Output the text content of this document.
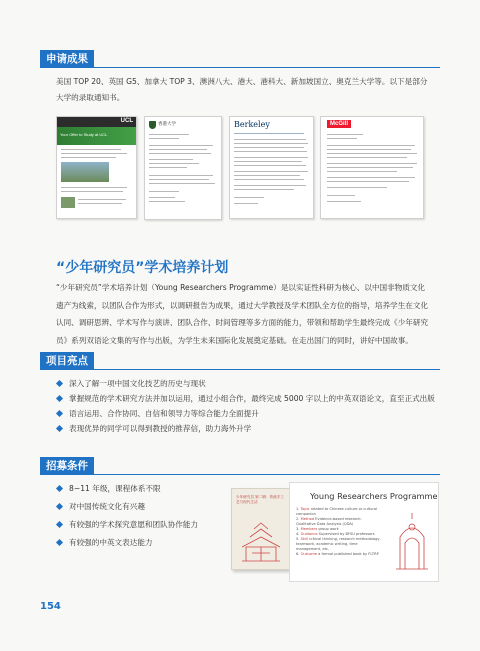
申请成果

美国 TOP 20、英国 G5、加拿大 TOP 3、澳洲八大、港大、港科大、新加坡国立、奥克兰大学等。以下是部分大学的录取通知书。

UCL
Your Offer to Study at UCL
香港大学	Berkeley	McGill
“少年研究员”学术培养计划

“少年研究员”学术培养计划（Young Researchers Programme）是以实证性科研为核心、以中国非物质文化遗产为线索，以团队合作为形式，以调研报告为成果，通过大学教授及学术团队全方位的指导，培养学生在文化认同、调研思辨、学术写作与演讲、团队合作、时间管理等多方面的能力，带领和帮助学生最终完成《少年研究员》系列双语论文集的写作与出版，为学生未来国际化发展奠定基础。在走出国门的同时，讲好中国故事。

项目亮点
深入了解一项中国文化技艺的历史与现状
掌握规范的学术研究方法并加以运用，通过小组合作，最终完成 5000 字以上的中英双语论文，直至正式出版
语言运用、合作协同、自信和领导力等综合能力全面提升
表现优异的同学可以得到教授的推荐信，助力海外升学
招募条件
8~11 年级，课程体系不限
对中国传统文化有兴趣
有较强的学术探究意愿和团队协作能力
有较强的中英文表达能力
少年研究员 第二辑：传统手工艺与现代生活
Young Researchers Programme
1. Topic related to Chinese culture or cultural companion
2. Method Evidence-based research: Qualitative Data Analysis (QDA)
3. Members group work
4. Guidance Supervised by BFSU professors
5. Skill critical thinking, research methodology, teamwork, academic writing, time management, etc.
6. Outcome a formal published book by FLTRP
154
